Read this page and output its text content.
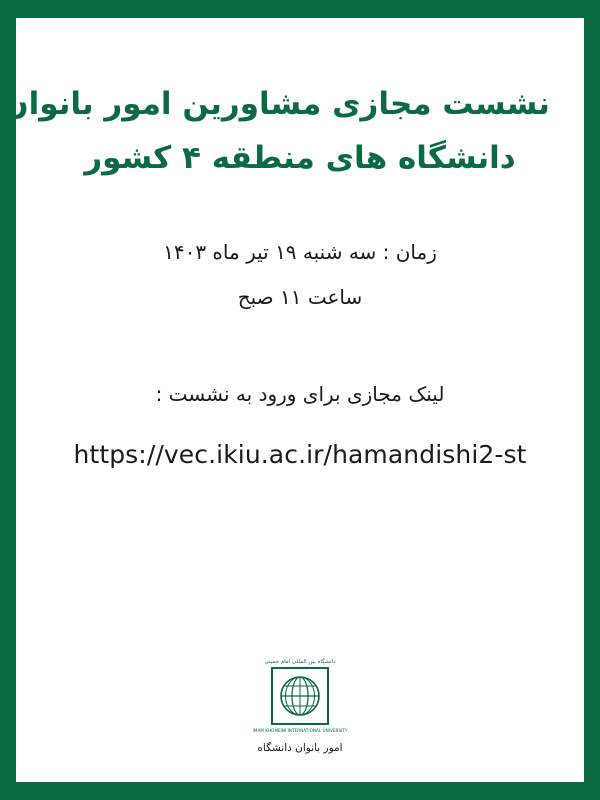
نشست مجازی مشاورین امور بانوان
دانشگاه های منطقه ۴ کشور
زمان : سه شنبه ۱۹ تیر ماه ۱۴۰۳
ساعت ۱۱ صبح
لینک مجازی برای ورود به نشست :
https://vec.ikiu.ac.ir/hamandishi2-st
دانشگاه بین المللی امام خمینی
IMAM KHOMEINI INTERNATIONAL UNIVERSITY
امور بانوان دانشگاه
